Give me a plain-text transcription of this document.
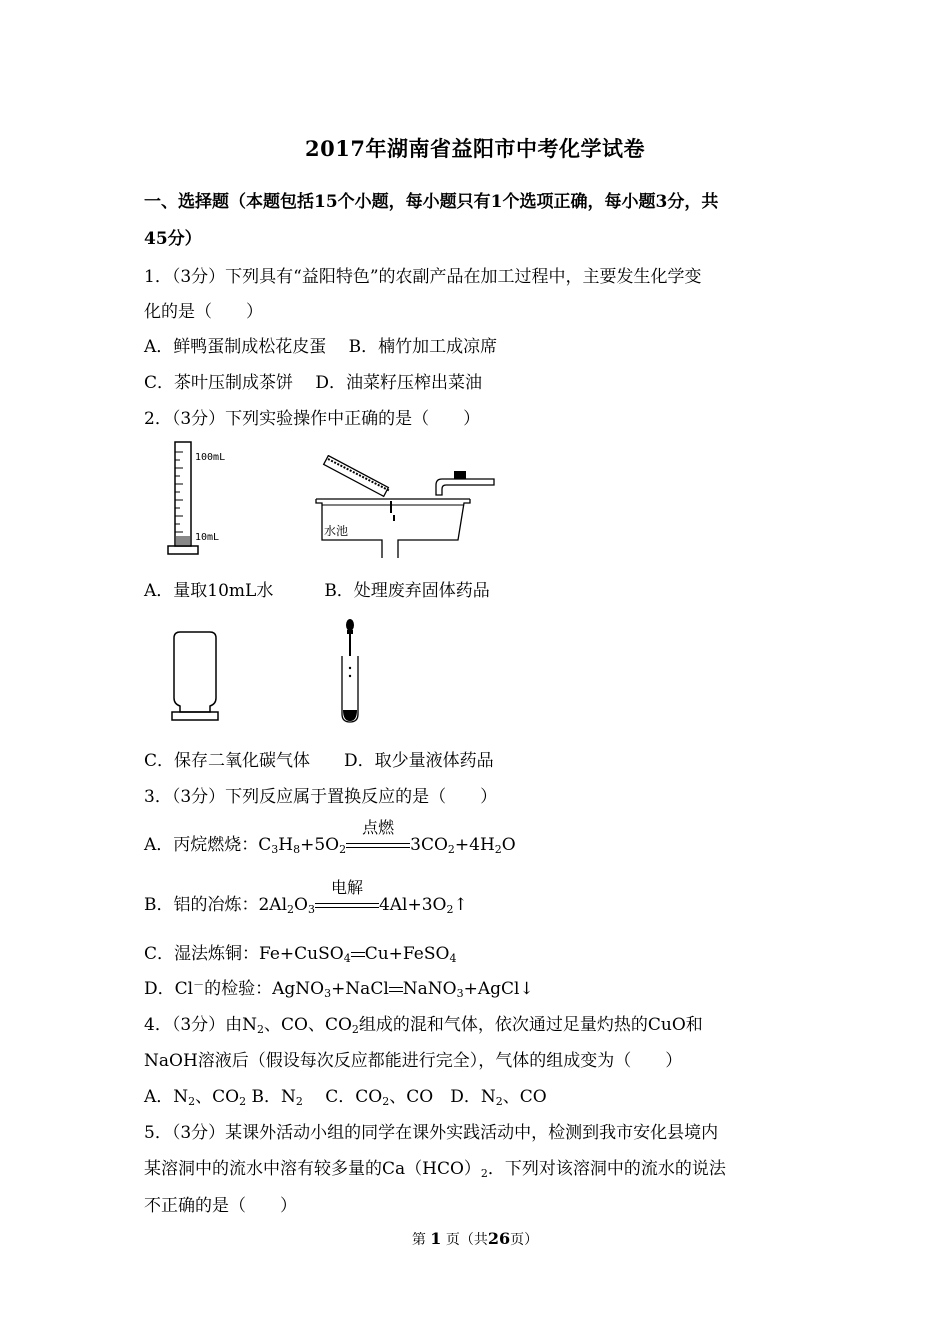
2017年湖南省益阳市中考化学试卷
一、选择题（本题包括15个小题，每小题只有1个选项正确，每小题3分，共
45分）
1．（3分）下列具有“益阳特色”的农副产品在加工过程中，主要发生化学变
化的是（　　）
A．鲜鸭蛋制成松花皮蛋　 B．楠竹加工成凉席
C．茶叶压制成茶饼　 D．油菜籽压榨出菜油
2．（3分）下列实验操作中正确的是（　　）
100mL
10mL	水池
A．量取10mL水　　　B．处理废弃固体药品
C．保存二氧化碳气体　　D．取少量液体药品
3．（3分）下列反应属于置换反应的是（　　）
A．丙烷燃烧：$C_3H_8+5O_2$
点燃
$3CO_2+4H_2O$
B．铝的冶炼：$2Al_2O_3$
电解
$4Al+3O_2↑$
C．湿法炼铜：Fe+CuSO$_4$ Cu+FeSO$_4$
D．Cl－的检验：AgNO$_3$+NaCl NaNO$_3$+AgCl↓
4．（3分）由$N_2$、CO、$CO_2$组成的混和气体，依次通过足量灼热的CuO和
NaOH溶液后（假设每次反应都能进行完全），气体的组成变为（　　）
A．$N_2$、$CO_2$ B．$N_2$　 C．$CO_2$、CO　D．$N_2$、CO
5．（3分）某课外活动小组的同学在课外实践活动中，检测到我市安化县境内
某溶洞中的流水中溶有较多量的$Ca(HCO)_2$．下列对该溶洞中的流水的说法
不正确的是（　　）
第 1 页（共26页）
